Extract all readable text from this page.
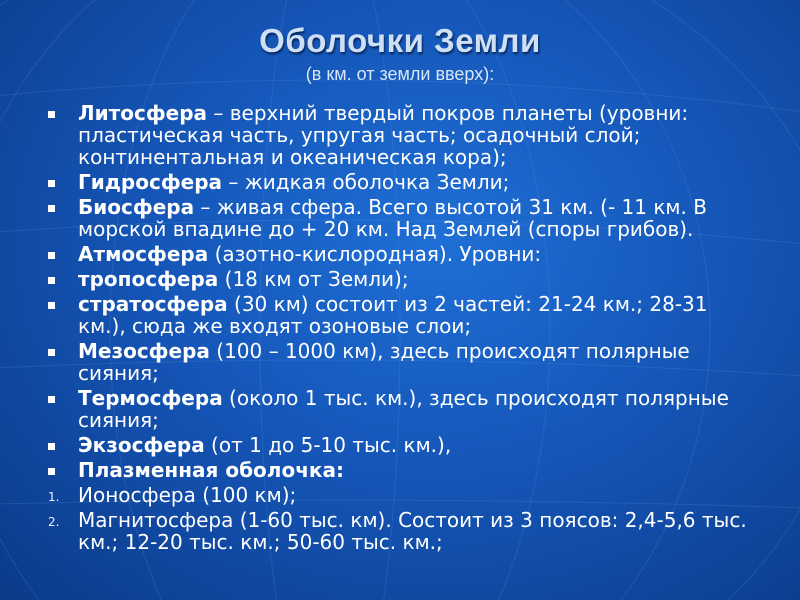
Оболочки Земли
(в км. от земли вверх):
Литосфера – верхний твердый покров планеты (уровни: пластическая часть, упругая часть; осадочный слой; континентальная и океаническая кора);
Гидросфера – жидкая оболочка Земли;
Биосфера – живая сфера. Всего высотой 31 км. (- 11 км. В морской впадине до + 20 км. Над Землей (споры грибов).
Атмосфера (азотно-кислородная). Уровни:
тропосфера (18 км от Земли);
стратосфера (30 км) состоит из 2 частей: 21-24 км.; 28-31 км.), сюда же входят озоновые слои;
Мезосфера (100 – 1000 км), здесь происходят полярные сияния;
Термосфера (около 1 тыс. км.), здесь происходят полярные сияния;
Экзосфера (от 1 до 5-10 тыс. км.),
Плазменная оболочка:
1. Ионосфера (100 км);
2. Магнитосфера (1-60 тыс. км). Состоит из 3 поясов: 2,4-5,6 тыс. км.; 12-20 тыс. км.; 50-60 тыс. км.;
